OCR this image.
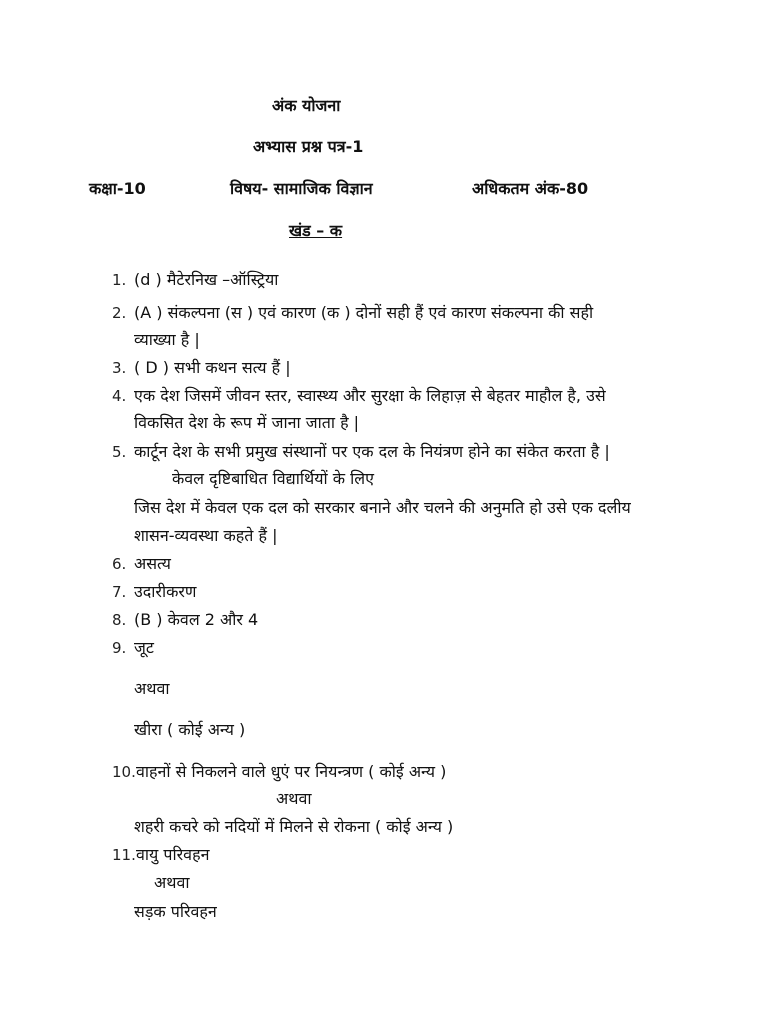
अंक योजना
अभ्यास प्रश्न पत्र-1
कक्षा-10	विषय- सामाजिक विज्ञान	अधिकतम अंक-80
खंड – क
1. (d ) मैटेरनिख –ऑस्ट्रिया
2. (A ) संकल्पना (स ) एवं कारण (क ) दोनों सही हैं एवं कारण संकल्पना की सही
व्याख्या है |
3. ( D ) सभी कथन सत्य हैं |
4. एक देश जिसमें जीवन स्तर, स्वास्थ्य और सुरक्षा के लिहाज़ से बेहतर माहौल है, उसे
विकसित देश के रूप में जाना जाता है |
5. कार्टून देश के सभी प्रमुख संस्थानों पर एक दल के नियंत्रण होने का संकेत करता है |
केवल दृष्टिबाधित विद्यार्थियों के लिए
जिस देश में केवल एक दल को सरकार बनाने और चलने की अनुमति हो उसे एक दलीय
शासन-व्यवस्था कहते हैं |
6. असत्य
7. उदारीकरण
8. (B ) केवल 2 और 4
9. जूट
अथवा
खीरा ( कोई अन्य )
10.वाहनों से निकलने वाले धुएं पर नियन्त्रण ( कोई अन्य )
अथवा
शहरी कचरे को नदियों में मिलने से रोकना ( कोई अन्य )
11.वायु परिवहन
अथवा
सड़क परिवहन
